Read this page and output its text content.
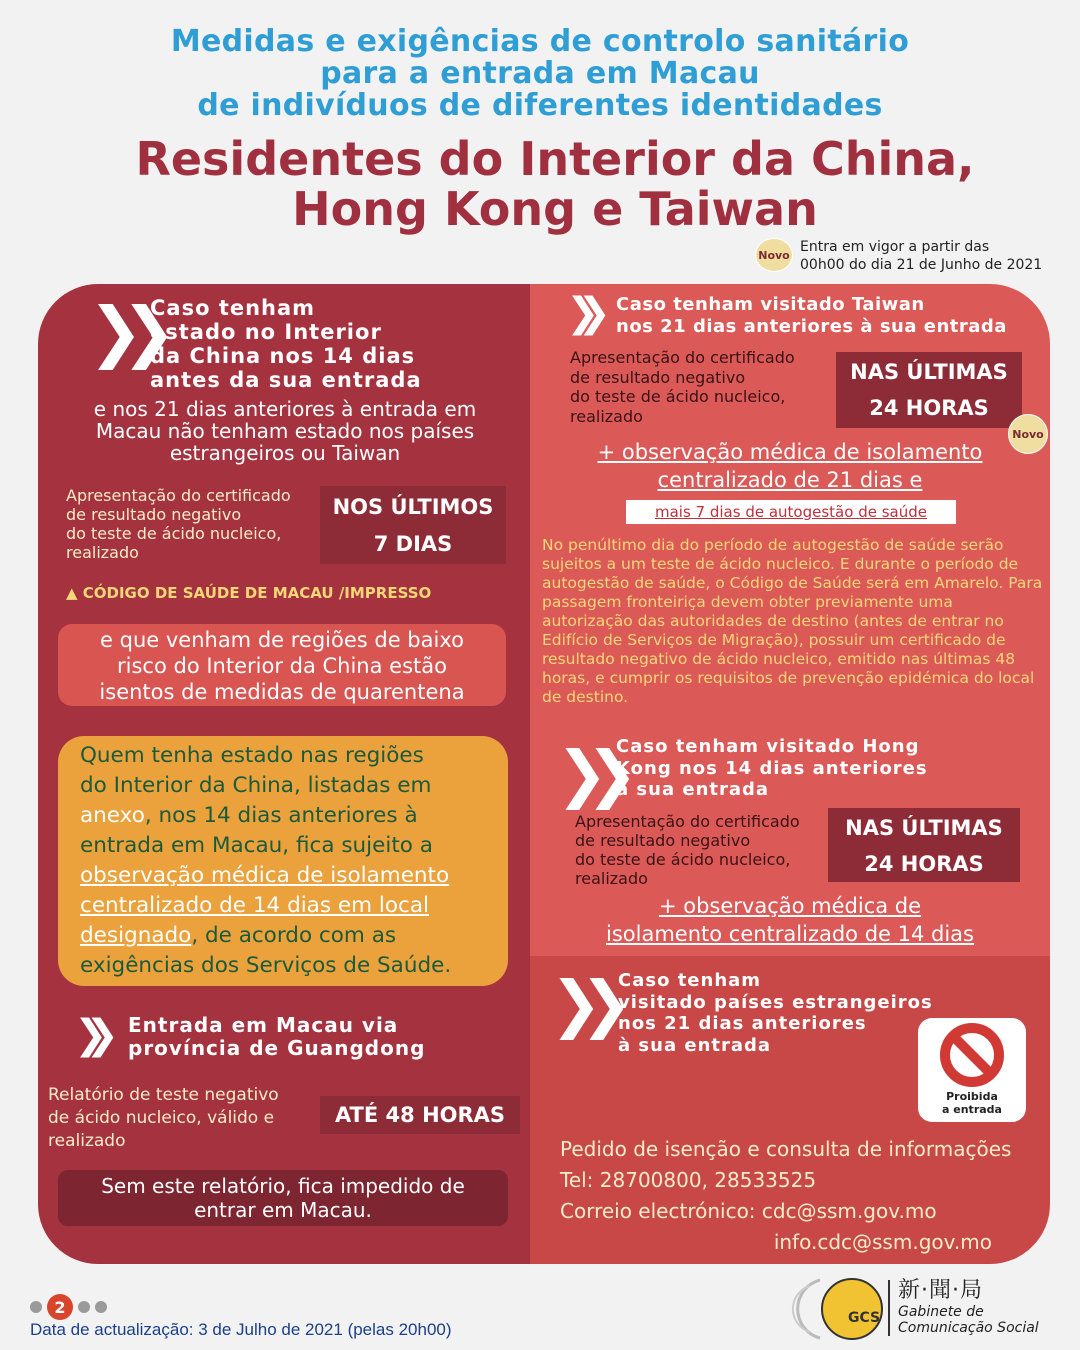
Medidas e exigências de controlo sanitário
para a entrada em Macau
de indivíduos de diferentes identidades
Residentes do Interior da China,
Hong Kong e Taiwan
Novo Entra em vigor a partir das
00h00 do dia 21 de Junho de 2021
❯❯
Caso tenham
estado no Interior
da China nos 14 dias
antes da sua entrada
e nos 21 dias anteriores à entrada em
Macau não tenham estado nos países
estrangeiros ou Taiwan
Apresentação do certificado
de resultado negativo
do teste de ácido nucleico,
realizado
NOS ÚLTIMOS
7 DIAS
▲ CÓDIGO DE SAÚDE DE MACAU /IMPRESSO
e que venham de regiões de baixo
risco do Interior da China estão
isentos de medidas de quarentena
Quem tenha estado nas regiões
do Interior da China, listadas em
anexo, nos 14 dias anteriores à
entrada em Macau, fica sujeito a
observação médica de isolamento
centralizado de 14 dias em local
designado, de acordo com as
exigências dos Serviços de Saúde.
❯❯ Entrada em Macau via
província de Guangdong
Relatório de teste negativo
de ácido nucleico, válido e
realizado
ATÉ 48 HORAS
Sem este relatório, fica impedido de
entrar em Macau.
❯❯ Caso tenham visitado Taiwan
nos 21 dias anteriores à sua entrada
Apresentação do certificado
de resultado negativo
do teste de ácido nucleico,
realizado
NAS ÚLTIMAS
24 HORAS
Novo
+ observação médica de isolamento
centralizado de 21 dias e
mais 7 dias de autogestão de saúde
No penúltimo dia do período de autogestão de saúde serão sujeitos a um teste de ácido nucleico. E durante o período de autogestão de saúde, o Código de Saúde será em Amarelo. Para passagem fronteiriça devem obter previamente uma autorização das autoridades de destino (antes de entrar no Edifício de Serviços de Migração), possuir um certificado de resultado negativo de ácido nucleico, emitido nas últimas 48 horas, e cumprir os requisitos de prevenção epidémica do local de destino.
❯❯ Caso tenham visitado Hong
Kong nos 14 dias anteriores
à sua entrada
Apresentação do certificado
de resultado negativo
do teste de ácido nucleico,
realizado
NAS ÚLTIMAS
24 HORAS
+ observação médica de
isolamento centralizado de 14 dias
❯❯ Caso tenham
visitado países estrangeiros
nos 21 dias anteriores
à sua entrada
Proibida
a entrada
Pedido de isenção e consulta de informações
Tel: 28700800, 28533525
Correio electrónico: cdc@ssm.gov.mo
info.cdc@ssm.gov.mo
2
Data de actualização: 3 de Julho de 2021 (pelas 20h00)
GCS
新·聞·局
Gabinete de
Comunicação Social
